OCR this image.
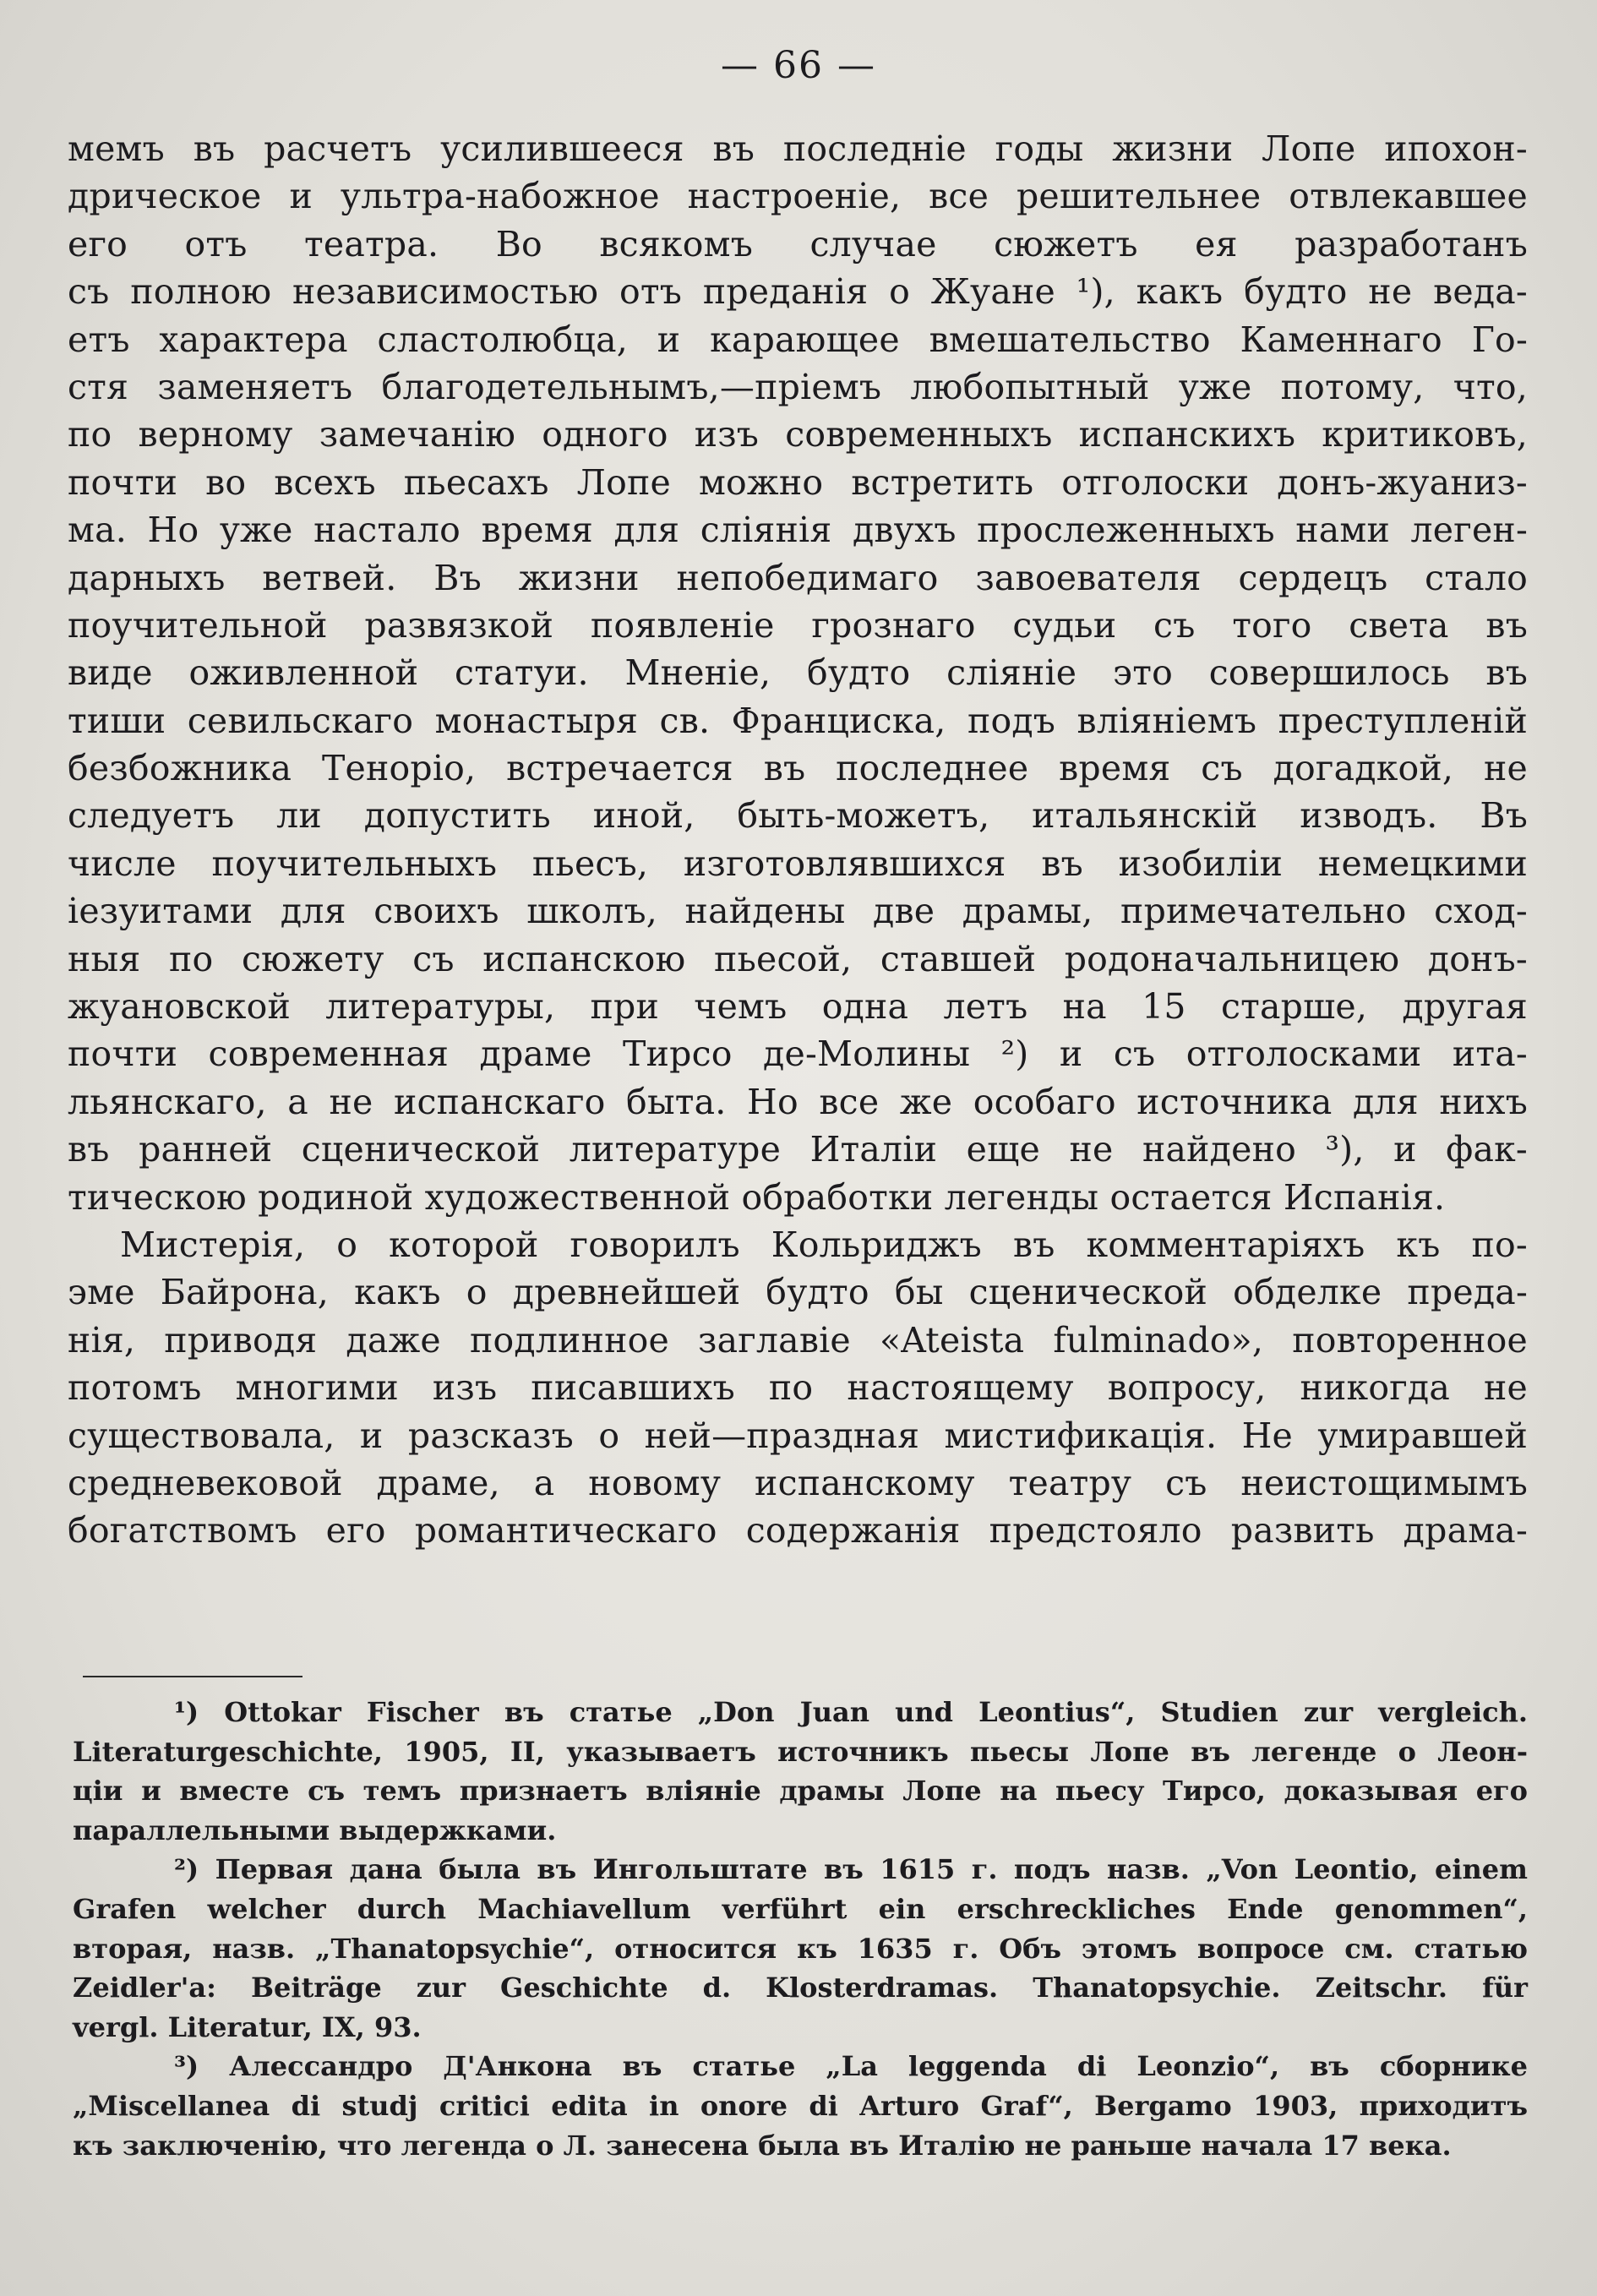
— 66 —
мемъ въ расчетъ усилившееся въ последніе годы жизни Лопе ипохон-
дрическое и ультра-набожное настроеніе, все решительнее отвлекавшее
его отъ театра. Во всякомъ случае сюжетъ ея разработанъ
съ полною независимостью отъ преданія о Жуане ¹), какъ будто не веда-
етъ характера сластолюбца, и карающее вмешательство Каменнаго Го-
стя заменяетъ благодетельнымъ,—пріемъ любопытный уже потому, что,
по верному замечанію одного изъ современныхъ испанскихъ критиковъ,
почти во всехъ пьесахъ Лопе можно встретить отголоски донъ-жуаниз-
ма. Но уже настало время для сліянія двухъ прослеженныхъ нами леген-
дарныхъ ветвей. Въ жизни непобедимаго завоевателя сердецъ стало
поучительной развязкой появленіе грознаго судьи съ того света въ
виде оживленной статуи. Мненіе, будто сліяніе это совершилось въ
тиши севильскаго монастыря св. Франциска, подъ вліяніемъ преступленій
безбожника Теноріо, встречается въ последнее время съ догадкой, не
следуетъ ли допустить иной, быть-можетъ, итальянскій изводъ. Въ
числе поучительныхъ пьесъ, изготовлявшихся въ изобиліи немецкими
іезуитами для своихъ школъ, найдены две драмы, примечательно сход-
ныя по сюжету съ испанскою пьесой, ставшей родоначальницею донъ-
жуановской литературы, при чемъ одна летъ на 15 старше, другая
почти современная драме Тирсо де-Молины ²) и съ отголосками ита-
льянскаго, а не испанскаго быта. Но все же особаго источника для нихъ
въ ранней сценической литературе Италіи еще не найдено ³), и фак-
тическою родиной художественной обработки легенды остается Испанія.
Мистерія, о которой говорилъ Кольриджъ въ комментаріяхъ къ по-
эме Байрона, какъ о древнейшей будто бы сценической обделке преда-
нія, приводя даже подлинное заглавіе «Ateista fulminado», повторенное
потомъ многими изъ писавшихъ по настоящему вопросу, никогда не
существовала, и разсказъ о ней—праздная мистификація. Не умиравшей
средневековой драме, а новому испанскому театру съ неистощимымъ
богатствомъ его романтическаго содержанія предстояло развить драма-
¹) Ottokar Fischer въ статье „Don Juan und Leontius“, Studien zur vergleich.
Literaturgeschichte, 1905, II, указываетъ источникъ пьесы Лопе въ легенде о Леон-
ціи и вместе съ темъ признаетъ вліяніе драмы Лопе на пьесу Тирсо, доказывая его
параллельными выдержками.
²) Первая дана была въ Ингольштате въ 1615 г. подъ назв. „Von Leontio, einem
Grafen welcher durch Machiavellum verführt ein erschreckliches Ende genommen“,
вторая, назв. „Thanatopsychie“, относится къ 1635 г. Объ этомъ вопросе см. статью
Zeidler'a: Beiträge zur Geschichte d. Klosterdramas. Thanatopsychie. Zeitschr. für
vergl. Literatur, IX, 93.
³) Алессандро Д'Анкона въ статье „La leggenda di Leonzio“, въ сборнике
„Miscellanea di studj critici edita in onore di Arturo Graf“, Bergamo 1903, приходитъ
къ заключенію, что легенда о Л. занесена была въ Италію не раньше начала 17 века.
